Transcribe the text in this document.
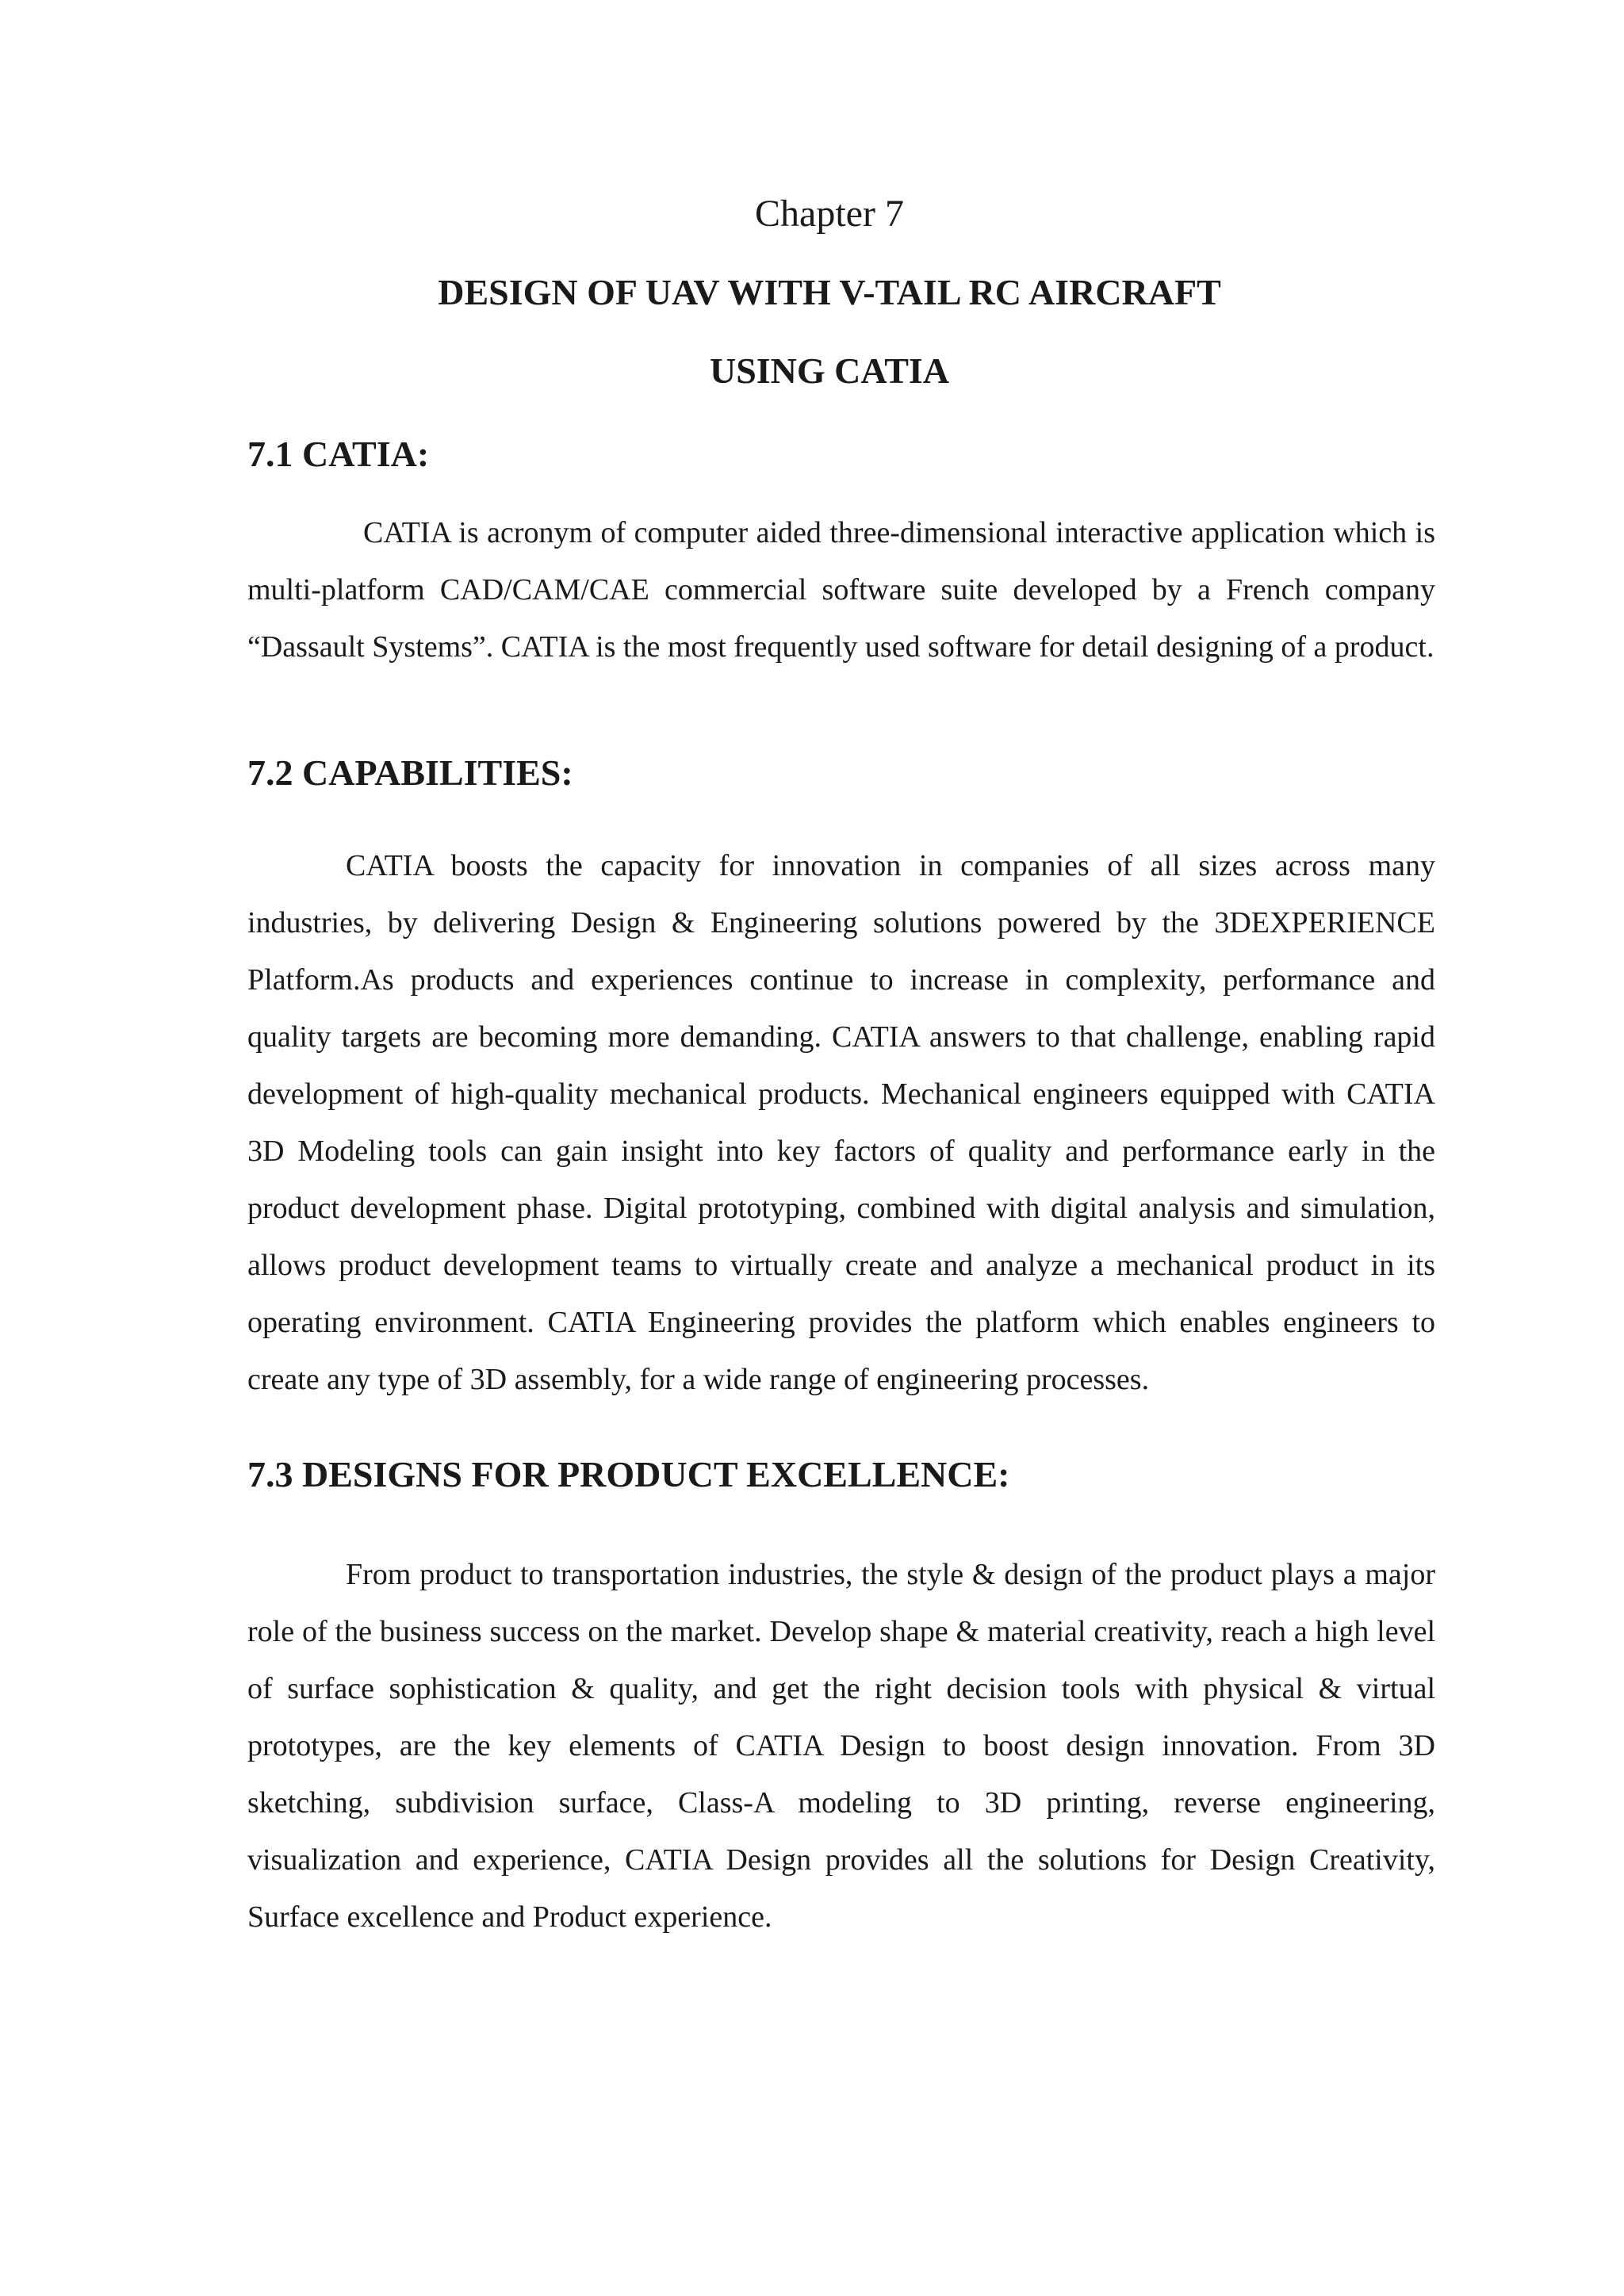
Chapter 7
DESIGN OF UAV WITH V-TAIL RC AIRCRAFT
USING CATIA
7.1 CATIA:

CATIA is acronym of computer aided three-dimensional interactive application which is multi-platform CAD/CAM/CAE commercial software suite developed by a French company “Dassault Systems”. CATIA is the most frequently used software for detail designing of a product.

7.2 CAPABILITIES:

CATIA boosts the capacity for innovation in companies of all sizes across many industries, by delivering Design & Engineering solutions powered by the 3DEXPERIENCE Platform.As products and experiences continue to increase in complexity, performance and quality targets are becoming more demanding. CATIA answers to that challenge, enabling rapid development of high-quality mechanical products. Mechanical engineers equipped with CATIA 3D Modeling tools can gain insight into key factors of quality and performance early in the product development phase. Digital prototyping, combined with digital analysis and simulation, allows product development teams to virtually create and analyze a mechanical product in its operating environment. CATIA Engineering provides the platform which enables engineers to create any type of 3D assembly, for a wide range of engineering processes.

7.3 DESIGNS FOR PRODUCT EXCELLENCE:

From product to transportation industries, the style & design of the product plays a major role of the business success on the market. Develop shape & material creativity, reach a high level of surface sophistication & quality, and get the right decision tools with physical & virtual prototypes, are the key elements of CATIA Design to boost design innovation. From 3D sketching, subdivision surface, Class-A modeling to 3D printing, reverse engineering, visualization and experience, CATIA Design provides all the solutions for Design Creativity, Surface excellence and Product experience.
